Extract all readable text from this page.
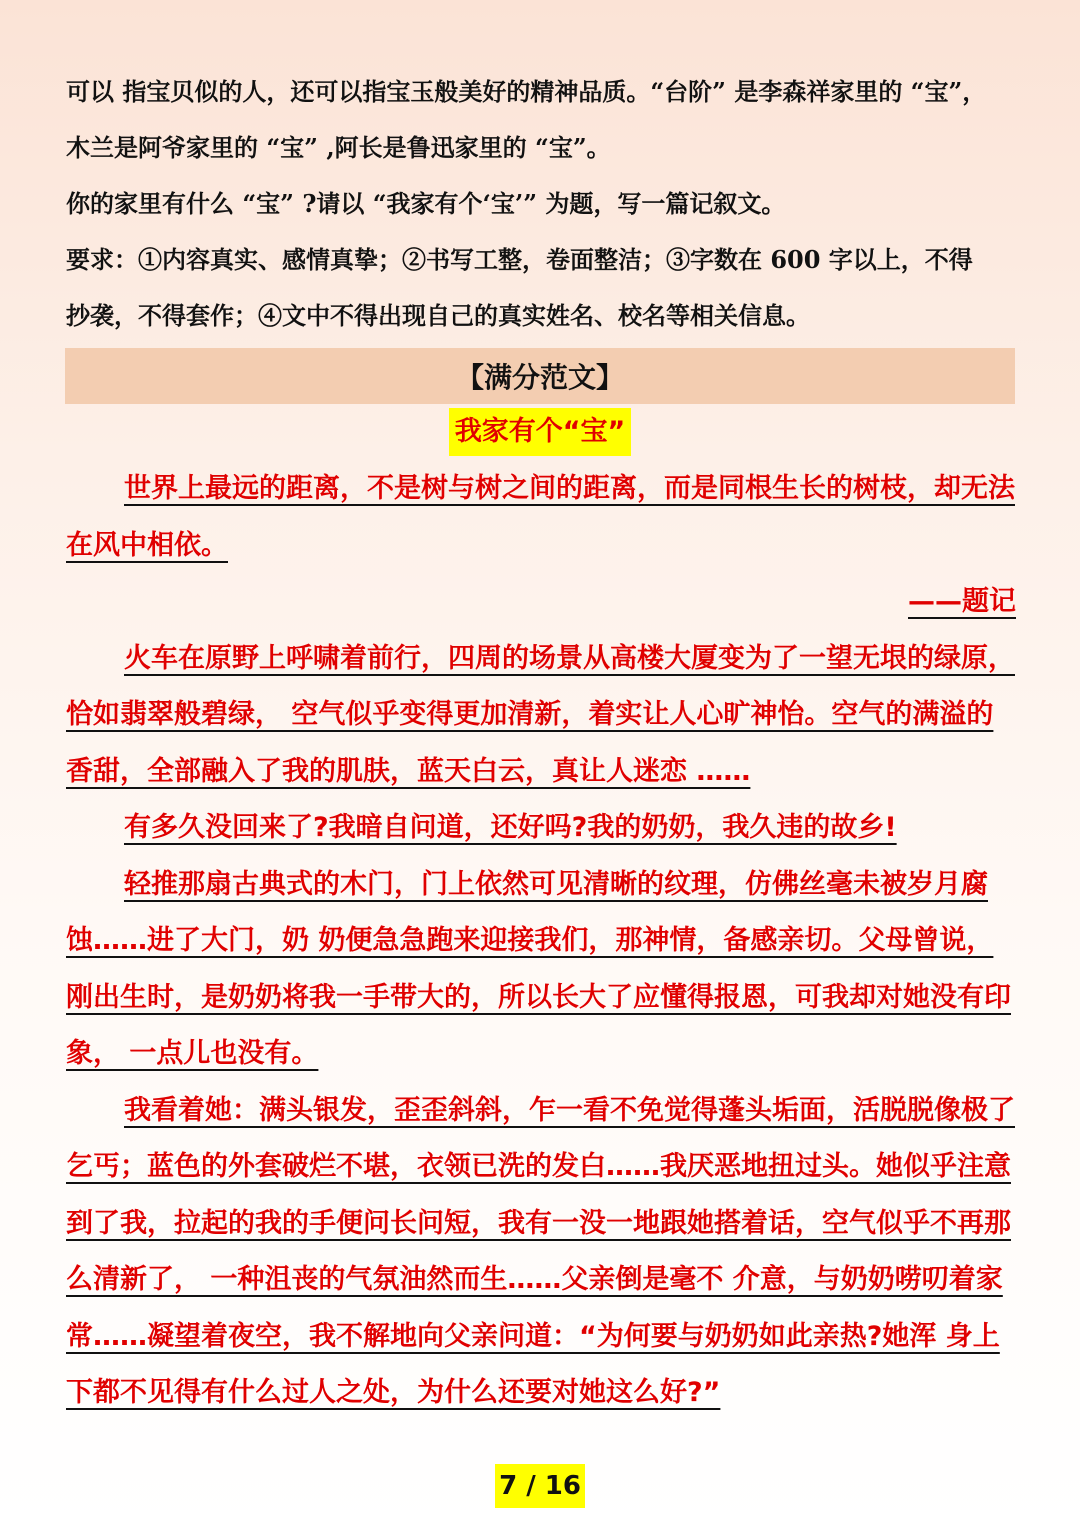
可以 指宝贝似的人，还可以指宝玉般美好的精神品质。“台阶” 是李森祥家里的 “宝”，

木兰是阿爷家里的 “宝” ,阿长是鲁迅家里的 “宝”。

你的家里有什么 “宝” ?请以 “我家有个‘宝’” 为题，写一篇记叙文。

要求：①内容真实、感情真挚；②书写工整，卷面整洁；③字数在 600 字以上，不得

抄袭，不得套作；④文中不得出现自己的真实姓名、校名等相关信息。

【满分范文】
我家有个“宝”

世界上最远的距离，不是树与树之间的距离，而是同根生长的树枝，却无法在风中相依。

——题记

火车在原野上呼啸着前行，四周的场景从高楼大厦变为了一望无垠的绿原，恰如翡翠般碧绿， 空气似乎变得更加清新，着实让人心旷神怡。空气的满溢的香甜，全部融入了我的肌肤，蓝天白云，真让人迷恋 ……

有多久没回来了?我暗自问道，还好吗?我的奶奶，我久违的故乡!

轻推那扇古典式的木门，门上依然可见清晰的纹理，仿佛丝毫未被岁月腐蚀……进了大门，奶 奶便急急跑来迎接我们，那神情，备感亲切。父母曾说，刚出生时，是奶奶将我一手带大的，所以长大了应懂得报恩，可我却对她没有印象， 一点儿也没有。

我看着她：满头银发，歪歪斜斜，乍一看不免觉得蓬头垢面，活脱脱像极了乞丐；蓝色的外套破烂不堪，衣领已洗的发白……我厌恶地扭过头。她似乎注意到了我，拉起的我的手便问长问短，我有一没一地跟她搭着话，空气似乎不再那么清新了， 一种沮丧的气氛油然而生……父亲倒是毫不 介意，与奶奶唠叨着家常……凝望着夜空，我不解地向父亲问道：“为何要与奶奶如此亲热?她浑 身上下都不见得有什么过人之处，为什么还要对她这么好?”

7 / 16
